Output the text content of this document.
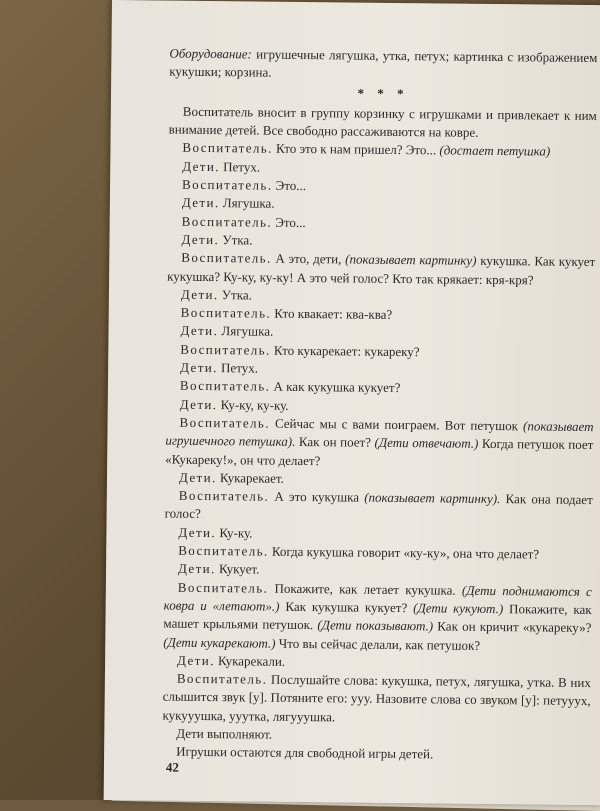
Оборудование: игрушечные лягушка, утка, петух; картинка с изображением кукушки; корзина.

* * *

Воспитатель вносит в группу корзинку с игрушками и привлекает к ним внимание детей. Все свободно рассаживаются на ковре.

Воспитатель. Кто это к нам пришел? Это... (достает петушка)

Дети. Петух.

Воспитатель. Это...

Дети. Лягушка.

Воспитатель. Это...

Дети. Утка.

Воспитатель. А это, дети, (показывает картинку) кукушка. Как кукует кукушка? Ку-ку, ку-ку! А это чей голос? Кто так крякает: кря-кря?

Дети. Утка.

Воспитатель. Кто квакает: ква-ква?

Дети. Лягушка.

Воспитатель. Кто кукарекает: кукареку?

Дети. Петух.

Воспитатель. А как кукушка кукует?

Дети. Ку-ку, ку-ку.

Воспитатель. Сейчас мы с вами поиграем. Вот петушок (показывает игрушечного петушка). Как он поет? (Дети отвечают.) Когда петушок поет «Кукареку!», он что делает?

Дети. Кукарекает.

Воспитатель. А это кукушка (показывает картинку). Как она подает голос?

Дети. Ку-ку.

Воспитатель. Когда кукушка говорит «ку-ку», она что делает?

Дети. Кукует.

Воспитатель. Покажите, как летает кукушка. (Дети поднимаются с ковра и «летают».) Как кукушка кукует? (Дети кукуют.) Покажите, как машет крыльями петушок. (Дети показывают.) Как он кричит «кукареку»? (Дети кукарекают.) Что вы сейчас делали, как петушок?

Дети. Кукарекали.

Воспитатель. Послушайте слова: кукушка, петух, лягушка, утка. В них слышится звук [у]. Потяните его: ууу. Назовите слова со звуком [у]: петууух, кукууушка, ууутка, лягууушка.

Дети выполняют.

Игрушки остаются для свободной игры детей.

42
